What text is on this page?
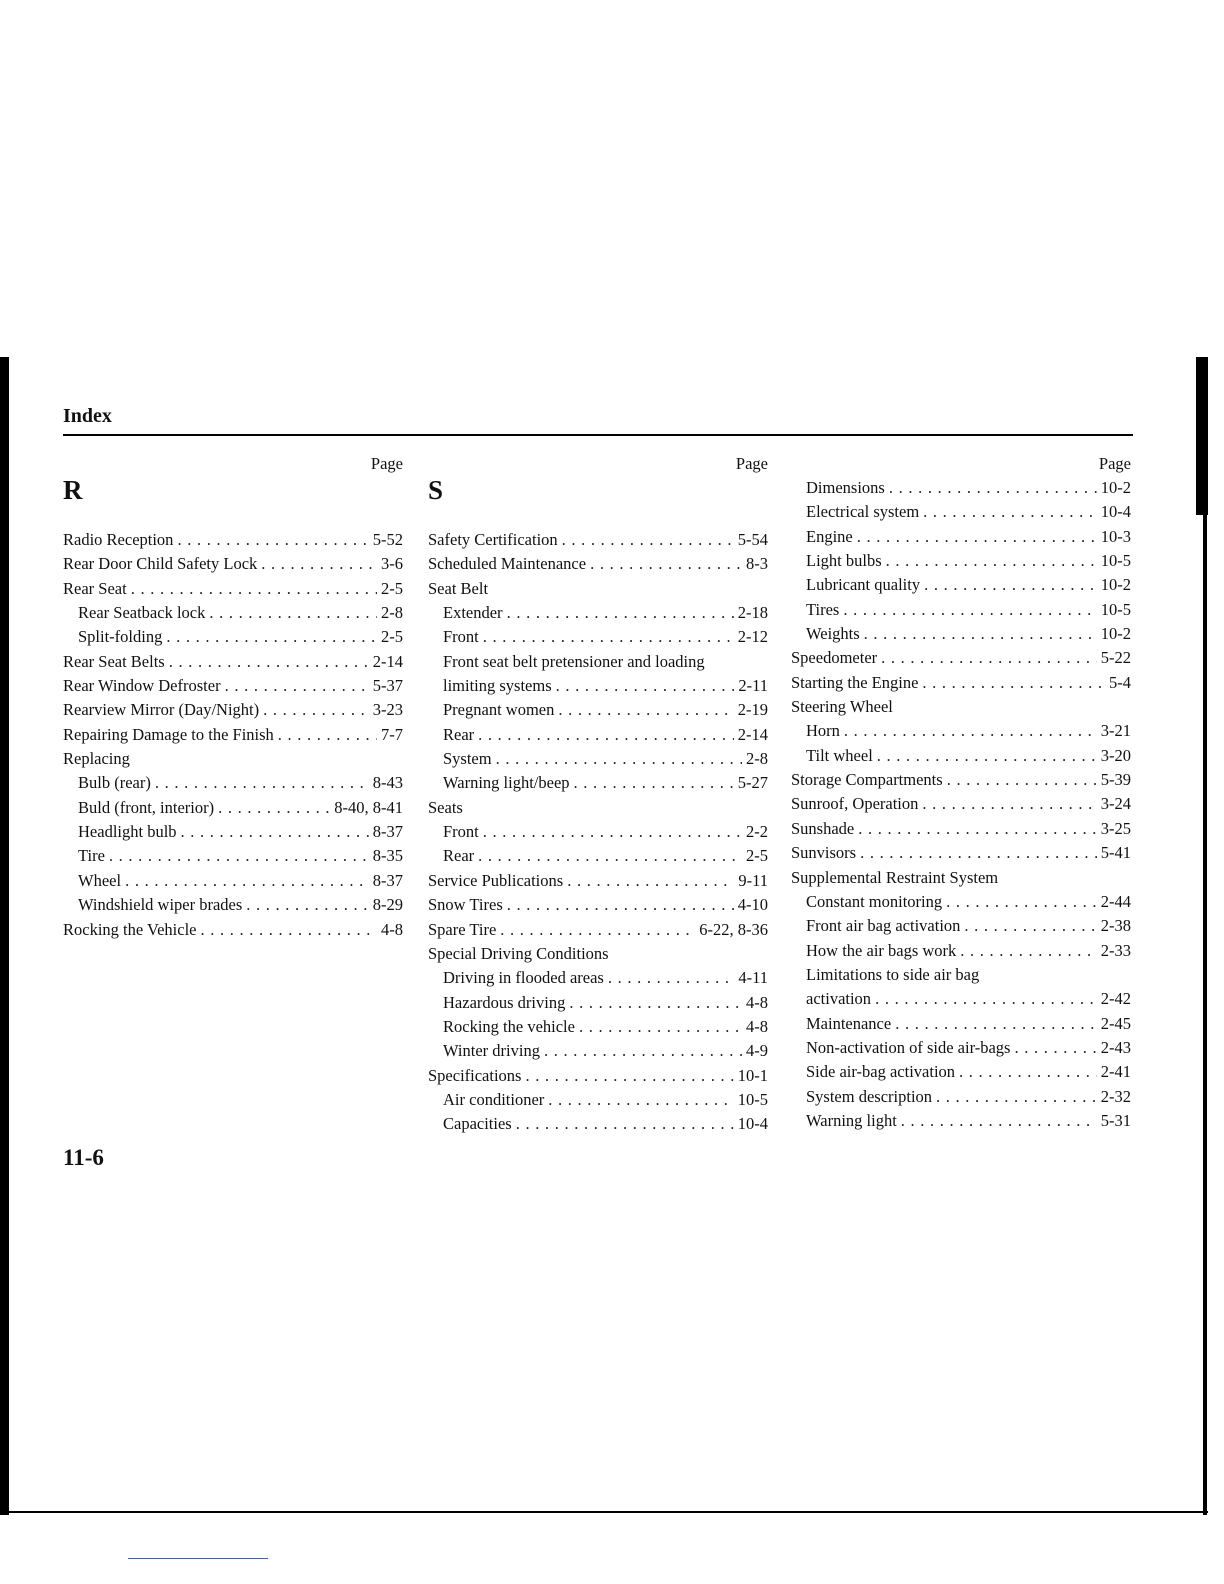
Index
Page
R
Radio Reception . . .	5-52
Rear Door Child Safety Lock . . .	3-6
Rear Seat . . .	2-5
Rear Seatback lock . . .	2-8
Split-folding . . .	2-5
Rear Seat Belts . . .	2-14
Rear Window Defroster . . .	5-37
Rearview Mirror (Day/Night) . . .	3-23
Repairing Damage to the Finish . . .	7-7
Replacing
Bulb (rear) . . .	8-43
Buld (front, interior) . . .	8-40, 8-41
Headlight bulb . . .	8-37
Tire . . .	8-35
Wheel . . .	8-37
Windshield wiper brades . . .	8-29
Rocking the Vehicle . . .	4-8
Page
S
Safety Certification . . .	5-54
Scheduled Maintenance . . .	8-3
Seat Belt
Extender . . .	2-18
Front . . .	2-12
Front seat belt pretensioner and loading
limiting systems . . .	2-11
Pregnant women . . .	2-19
Rear . . .	2-14
System . . .	2-8
Warning light/beep . . .	5-27
Seats
Front . . .	2-2
Rear . . .	2-5
Service Publications . . .	9-11
Snow Tires . . .	4-10
Spare Tire . . .	6-22, 8-36
Special Driving Conditions
Driving in flooded areas . . .	4-11
Hazardous driving . . .	4-8
Rocking the vehicle . . .	4-8
Winter driving . . .	4-9
Specifications . . .	10-1
Air conditioner . . .	10-5
Capacities . . .	10-4
Page
Dimensions . . .	10-2
Electrical system . . .	10-4
Engine . . .	10-3
Light bulbs . . .	10-5
Lubricant quality . . .	10-2
Tires . . .	10-5
Weights . . .	10-2
Speedometer . . .	5-22
Starting the Engine . . .	5-4
Steering Wheel
Horn . . .	3-21
Tilt wheel . . .	3-20
Storage Compartments . . .	5-39
Sunroof, Operation . . .	3-24
Sunshade . . .	3-25
Sunvisors . . .	5-41
Supplemental Restraint System
Constant monitoring . . .	2-44
Front air bag activation . . .	2-38
How the air bags work . . .	2-33
Limitations to side air bag
activation . . .	2-42
Maintenance . . .	2-45
Non-activation of side air-bags . . .	2-43
Side air-bag activation . . .	2-41
System description . . .	2-32
Warning light . . .	5-31
11-6
